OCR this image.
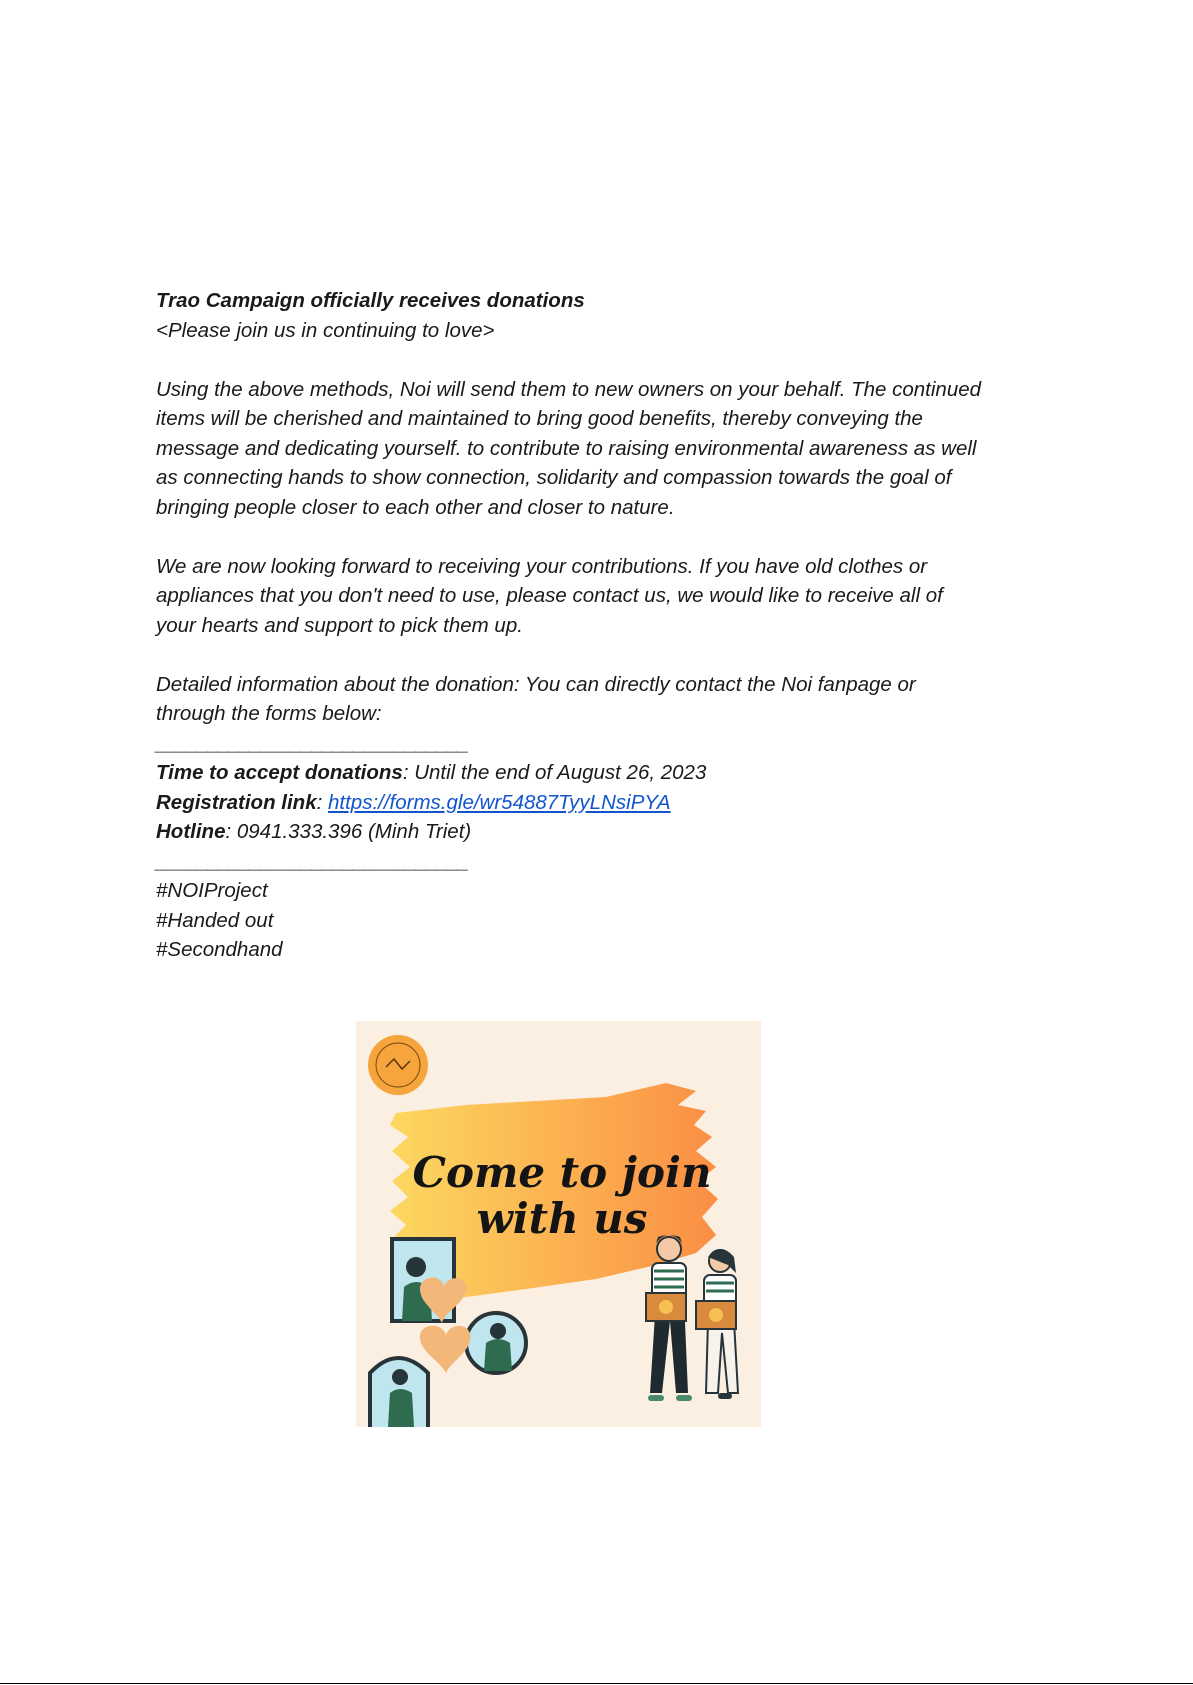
Trao Campaign officially receives donations

<Please join us in continuing to love>

Using the above methods, Noi will send them to new owners on your behalf. The continued items will be cherished and maintained to bring good benefits, thereby conveying the message and dedicating yourself. to contribute to raising environmental awareness as well as connecting hands to show connection, solidarity and compassion towards the goal of bringing people closer to each other and closer to nature.

We are now looking forward to receiving your contributions. If you have old clothes or appliances that you don't need to use, please contact us, we would like to receive all of your hearts and support to pick them up.

Detailed information about the donation: You can directly contact the Noi fanpage or through the forms below:

______________________________

Time to accept donations: Until the end of August 26, 2023

Registration link: https://forms.gle/wr54887TyyLNsiPYA

Hotline: 0941.333.396 (Minh Triet)

______________________________

#NOIProject

#Handed out

#Secondhand

Come to join
with us
